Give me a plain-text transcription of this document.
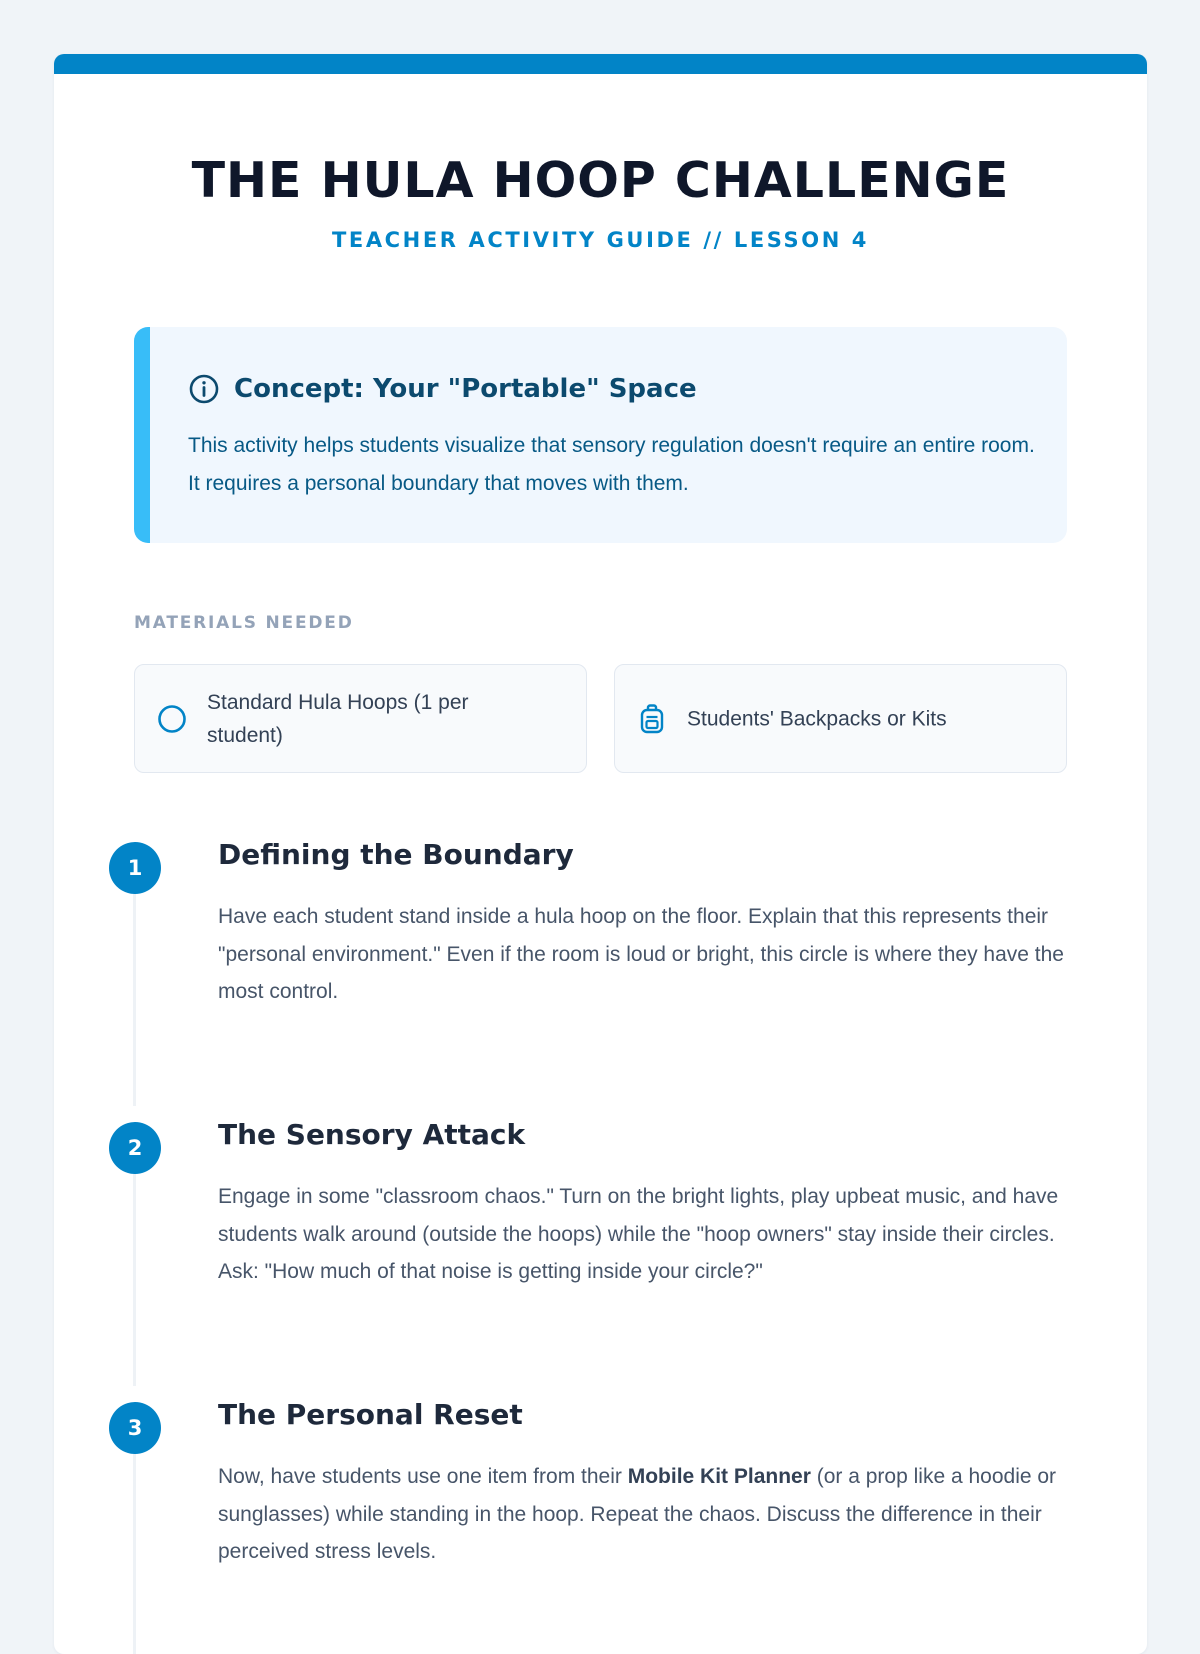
THE HULA HOOP CHALLENGE
TEACHER ACTIVITY GUIDE // LESSON 4
Concept: Your "Portable" Space

This activity helps students visualize that sensory regulation doesn't require an entire room. It requires a personal boundary that moves with them.

MATERIALS NEEDED
Standard Hula Hoops (1 per student)
Students' Backpacks or Kits
1	Defining the Boundary

Have each student stand inside a hula hoop on the floor. Explain that this represents their "personal environment." Even if the room is loud or bright, this circle is where they have the most control.

2	The Sensory Attack

Engage in some "classroom chaos." Turn on the bright lights, play upbeat music, and have students walk around (outside the hoops) while the "hoop owners" stay inside their circles. Ask: "How much of that noise is getting inside your circle?"

3	The Personal Reset

Now, have students use one item from their Mobile Kit Planner (or a prop like a hoodie or sunglasses) while standing in the hoop. Repeat the chaos. Discuss the difference in their perceived stress levels.
